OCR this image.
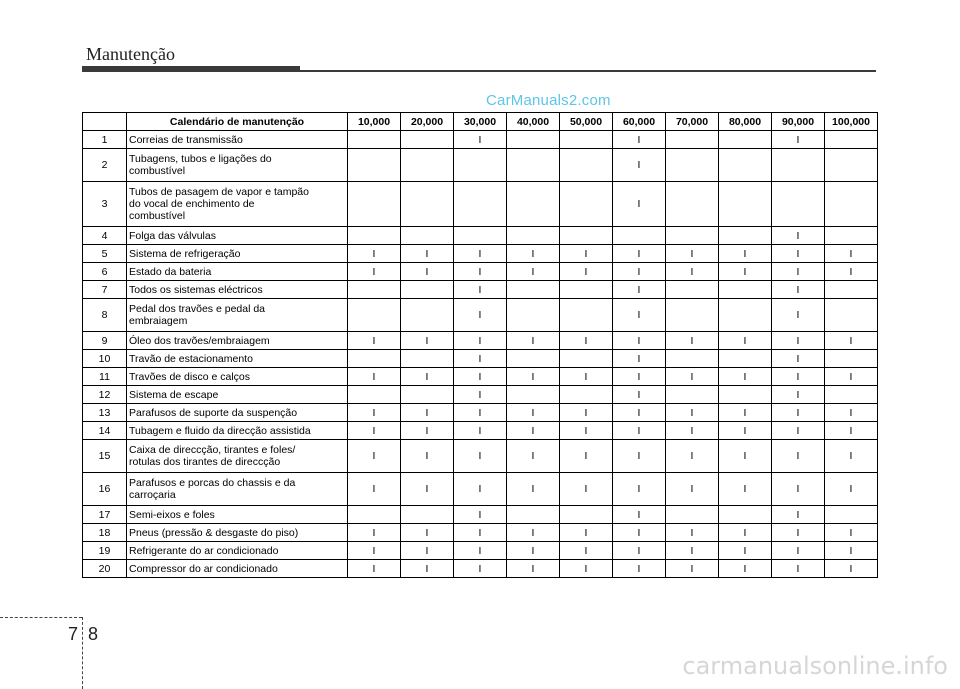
Manutenção
CarManuals2.com
	Calendário de manutenção	10,000	20,000	30,000	40,000	50,000	60,000	70,000	80,000	90,000	100,000
1	Correias de transmissão			I			I			I	
2	Tubagens, tubos e ligações do
combustível						I				
3	Tubos de pasagem de vapor e tampão
do vocal de enchimento de
combustível						I				
4	Folga das válvulas									I	
5	Sistema de refrigeração	I	I	I	I	I	I	I	I	I	I
6	Estado da bateria	I	I	I	I	I	I	I	I	I	I
7	Todos os sistemas eléctricos			I			I			I	
8	Pedal dos travões e pedal da
embraiagem			I			I			I	
9	Óleo dos travões/embraiagem	I	I	I	I	I	I	I	I	I	I
10	Travão de estacionamento			I			I			I	
11	Travões de disco e calços	I	I	I	I	I	I	I	I	I	I
12	Sistema de escape			I			I			I	
13	Parafusos de suporte da suspenção	I	I	I	I	I	I	I	I	I	I
14	Tubagem e fluido da direcção assistida	I	I	I	I	I	I	I	I	I	I
15	Caixa de direccção, tirantes e foles/
rotulas dos tirantes de direccção	I	I	I	I	I	I	I	I	I	I
16	Parafusos e porcas do chassis e da
carroçaria	I	I	I	I	I	I	I	I	I	I
17	Semi-eixos e foles			I			I			I	
18	Pneus (pressão & desgaste do piso)	I	I	I	I	I	I	I	I	I	I
19	Refrigerante do ar condicionado	I	I	I	I	I	I	I	I	I	I
20	Compressor do ar condicionado	I	I	I	I	I	I	I	I	I	I
7 8
carmanualsonline.info
